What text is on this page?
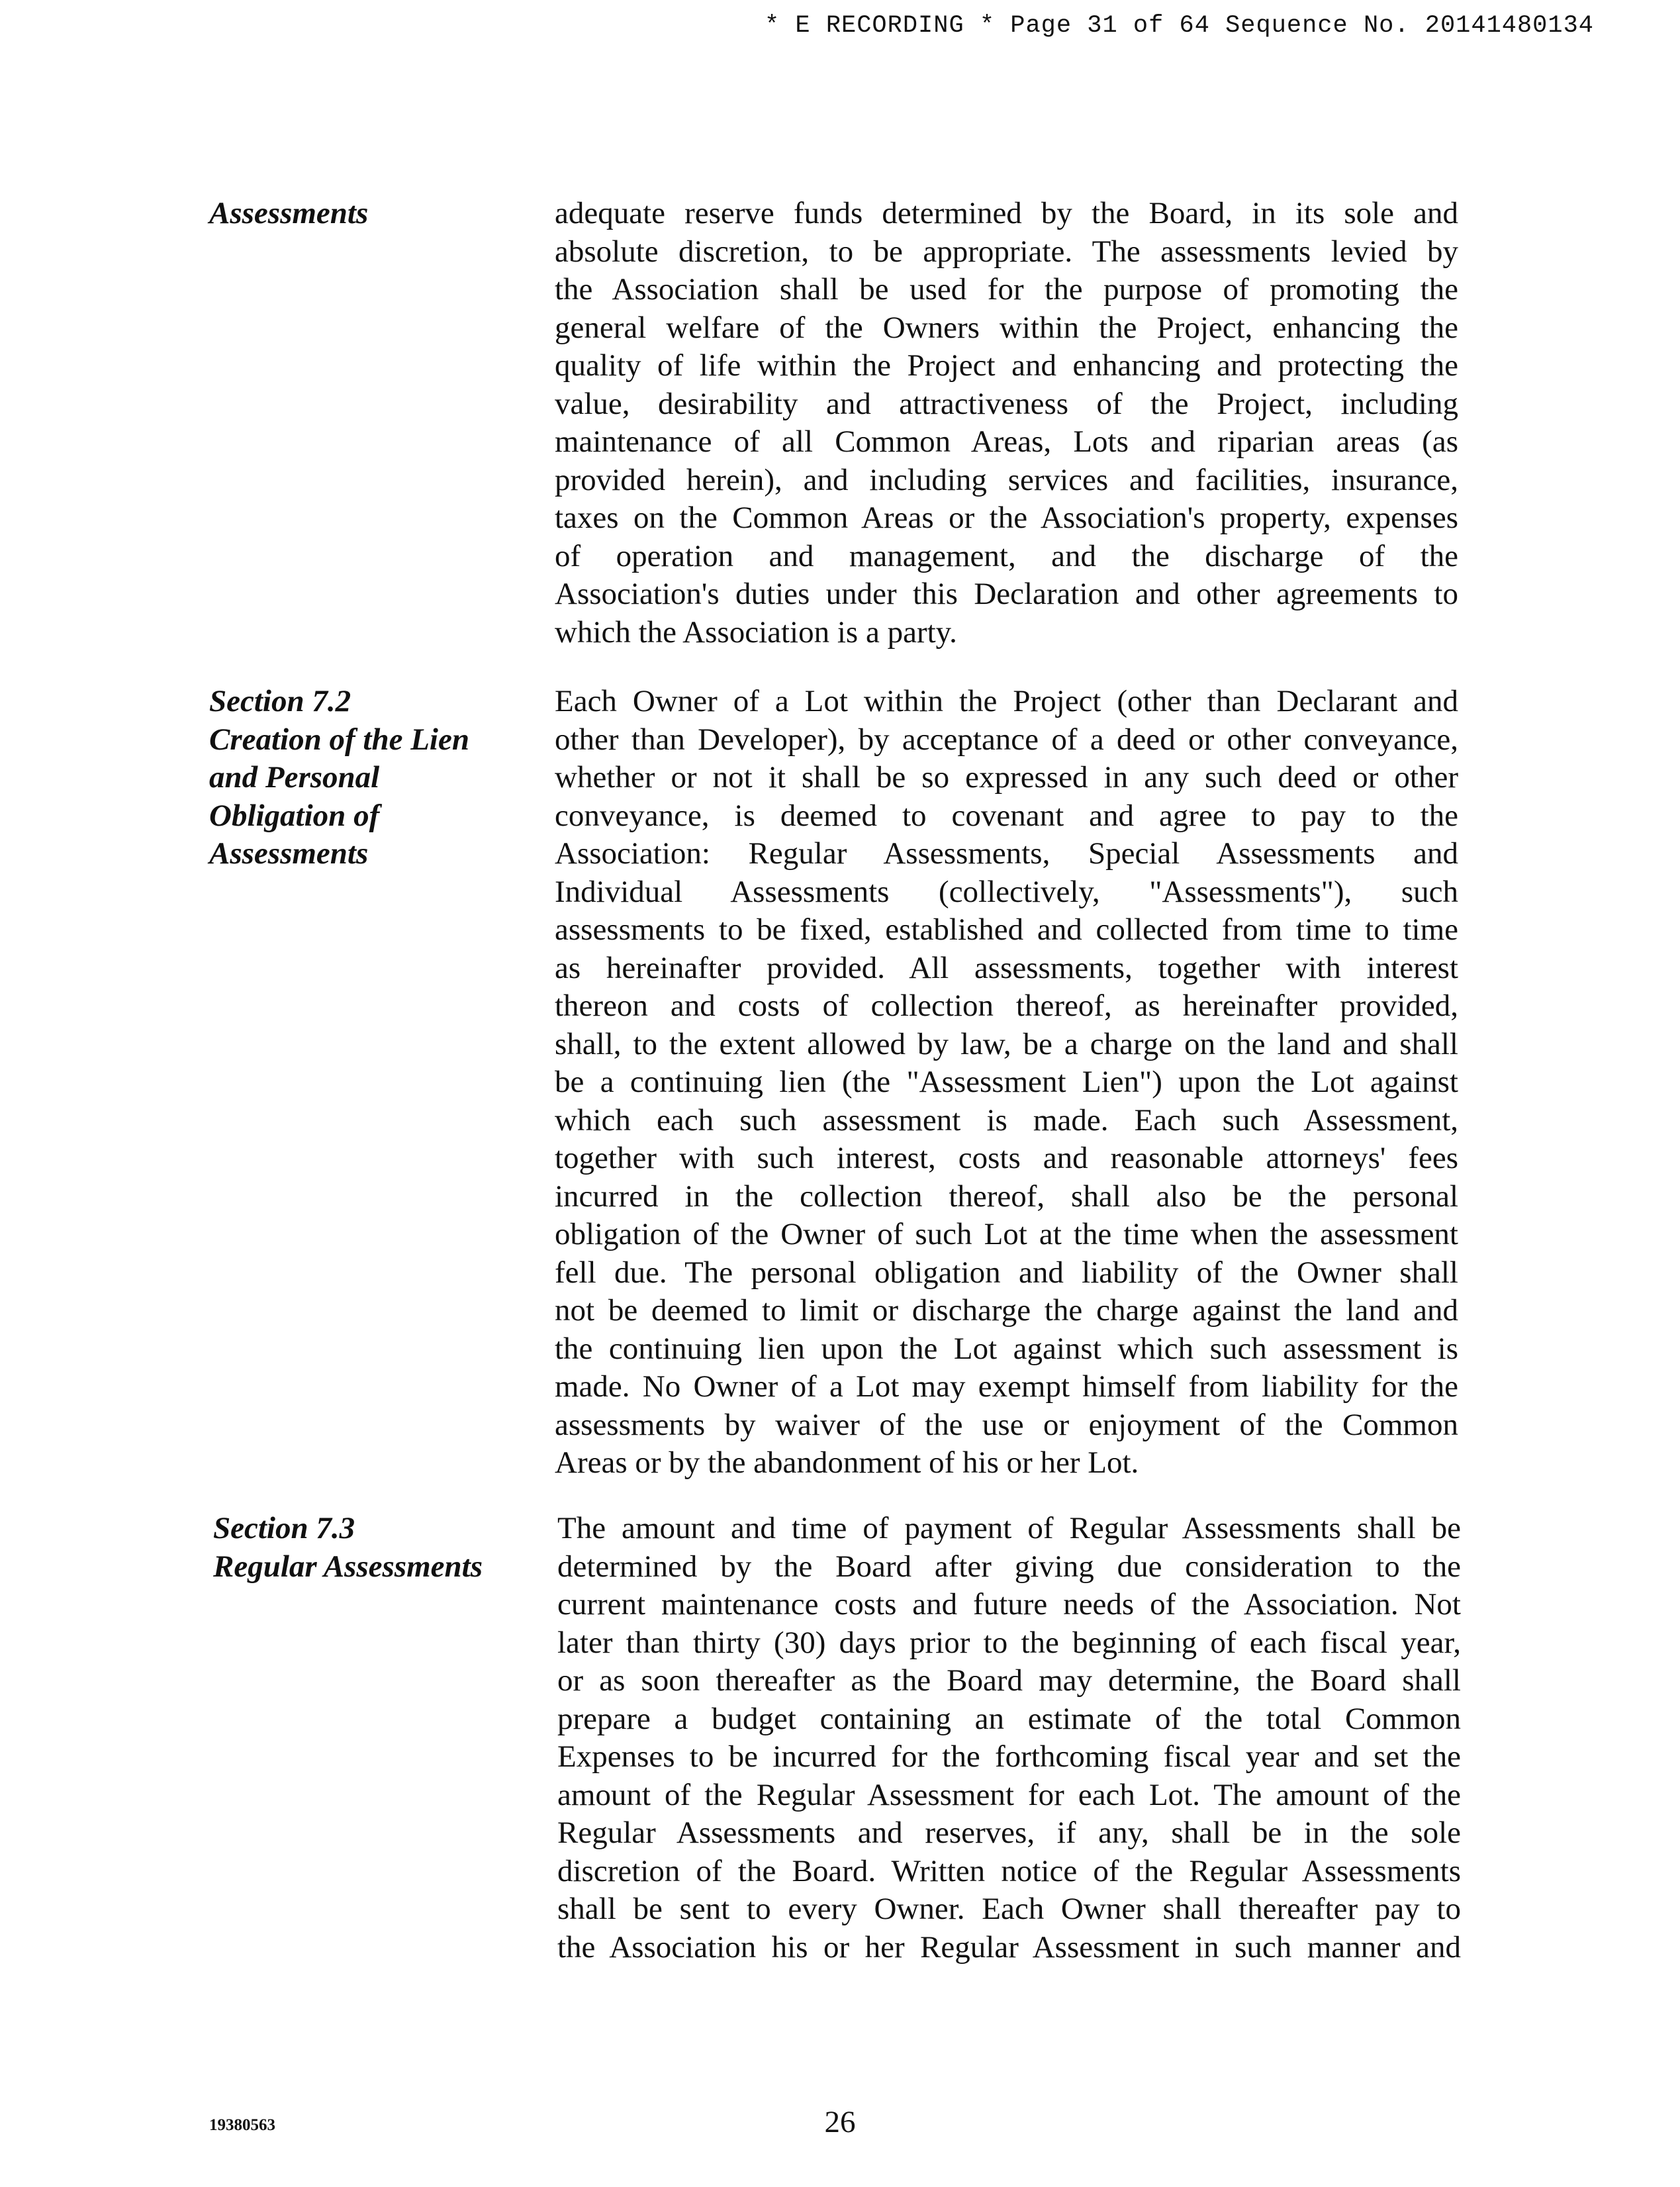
* E RECORDING * Page 31 of 64 Sequence No. 20141480134
Assessments	adequate reserve funds determined by the Board, in its sole and
absolute discretion, to be appropriate. The assessments levied by
the Association shall be used for the purpose of promoting the
general welfare of the Owners within the Project, enhancing the
quality of life within the Project and enhancing and protecting the
value, desirability and attractiveness of the Project, including
maintenance of all Common Areas, Lots and riparian areas (as
provided herein), and including services and facilities, insurance,
taxes on the Common Areas or the Association's property, expenses
of operation and management, and the discharge of the
Association's duties under this Declaration and other agreements to
which the Association is a party.
Section 7.2
Creation of the Lien
and Personal
Obligation of
Assessments
Each Owner of a Lot within the Project (other than Declarant and
other than Developer), by acceptance of a deed or other conveyance,
whether or not it shall be so expressed in any such deed or other
conveyance, is deemed to covenant and agree to pay to the
Association: Regular Assessments, Special Assessments and
Individual Assessments (collectively, "Assessments"), such
assessments to be fixed, established and collected from time to time
as hereinafter provided. All assessments, together with interest
thereon and costs of collection thereof, as hereinafter provided,
shall, to the extent allowed by law, be a charge on the land and shall
be a continuing lien (the "Assessment Lien") upon the Lot against
which each such assessment is made. Each such Assessment,
together with such interest, costs and reasonable attorneys' fees
incurred in the collection thereof, shall also be the personal
obligation of the Owner of such Lot at the time when the assessment
fell due. The personal obligation and liability of the Owner shall
not be deemed to limit or discharge the charge against the land and
the continuing lien upon the Lot against which such assessment is
made. No Owner of a Lot may exempt himself from liability for the
assessments by waiver of the use or enjoyment of the Common
Areas or by the abandonment of his or her Lot.
Section 7.3
Regular Assessments
The amount and time of payment of Regular Assessments shall be
determined by the Board after giving due consideration to the
current maintenance costs and future needs of the Association. Not
later than thirty (30) days prior to the beginning of each fiscal year,
or as soon thereafter as the Board may determine, the Board shall
prepare a budget containing an estimate of the total Common
Expenses to be incurred for the forthcoming fiscal year and set the
amount of the Regular Assessment for each Lot. The amount of the
Regular Assessments and reserves, if any, shall be in the sole
discretion of the Board. Written notice of the Regular Assessments
shall be sent to every Owner. Each Owner shall thereafter pay to
the Association his or her Regular Assessment in such manner and
19380563	26
